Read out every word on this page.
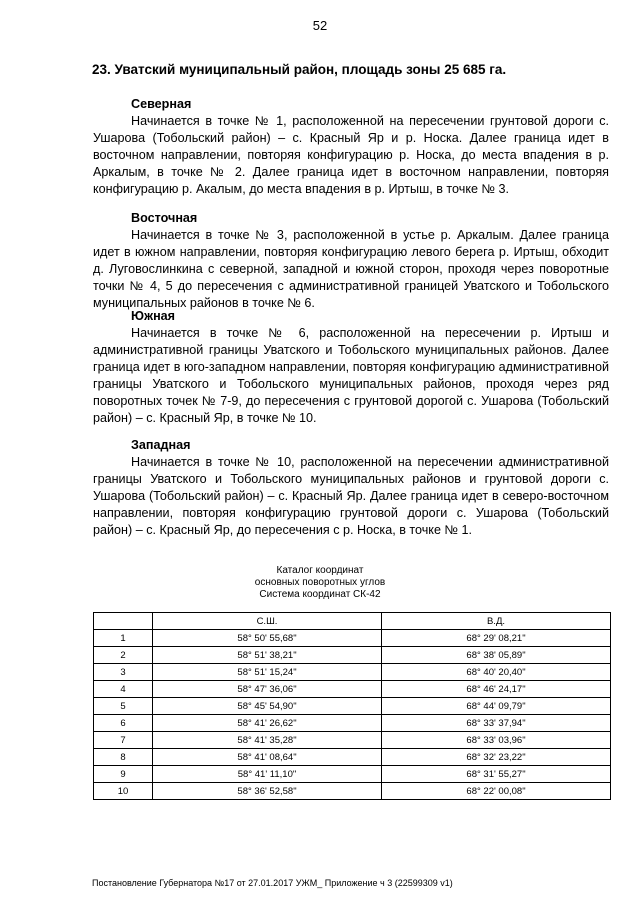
52
23. Уватский муниципальный район, площадь зоны 25 685 га.
Северная

Начинается в точке № 1, расположенной на пересечении грунтовой дороги с. Ушарова (Тобольский район) – с. Красный Яр и р. Носка. Далее граница идет в восточном направлении, повторяя конфигурацию р. Носка, до места впадения в р. Аркалым, в точке № 2. Далее граница идет в восточном направлении, повторяя конфигурацию р. Акалым, до места впадения в р. Иртыш, в точке № 3.

Восточная

Начинается в точке № 3, расположенной в устье р. Аркалым. Далее граница идет в южном направлении, повторяя конфигурацию левого берега р. Иртыш, обходит д. Луговослинкина с северной, западной и южной сторон, проходя через поворотные точки № 4, 5 до пересечения с административной границей Уватского и Тобольского муниципальных районов в точке № 6.

Южная

Начинается в точке № 6, расположенной на пересечении р. Иртыш и административной границы Уватского и Тобольского муниципальных районов. Далее граница идет в юго-западном направлении, повторяя конфигурацию административной границы Уватского и Тобольского муниципальных районов, проходя через ряд поворотных точек № 7-9, до пересечения с грунтовой дорогой с. Ушарова (Тобольский район) – с. Красный Яр, в точке № 10.

Западная

Начинается в точке № 10, расположенной на пересечении административной границы Уватского и Тобольского муниципальных районов и грунтовой дороги с. Ушарова (Тобольский район) – с. Красный Яр. Далее граница идет в северо-восточном направлении, повторяя конфигурацию грунтовой дороги с. Ушарова (Тобольский район) – с. Красный Яр, до пересечения с р. Носка, в точке № 1.

Каталог координат
основных поворотных углов
Система координат СК-42
	С.Ш.	В.Д.
1	58° 50' 55,68"	68° 29' 08,21"
2	58° 51' 38,21"	68° 38' 05,89"
3	58° 51' 15,24"	68° 40' 20,40"
4	58° 47' 36,06"	68° 46' 24,17"
5	58° 45' 54,90"	68° 44' 09,79"
6	58° 41' 26,62"	68° 33' 37,94"
7	58° 41' 35,28"	68° 33' 03,96"
8	58° 41' 08,64"	68° 32' 23,22"
9	58° 41' 11,10"	68° 31' 55,27"
10	58° 36' 52,58"	68° 22' 00,08"
Постановление Губернатора №17 от 27.01.2017 УЖМ_ Приложение ч 3 (22599309 v1)
